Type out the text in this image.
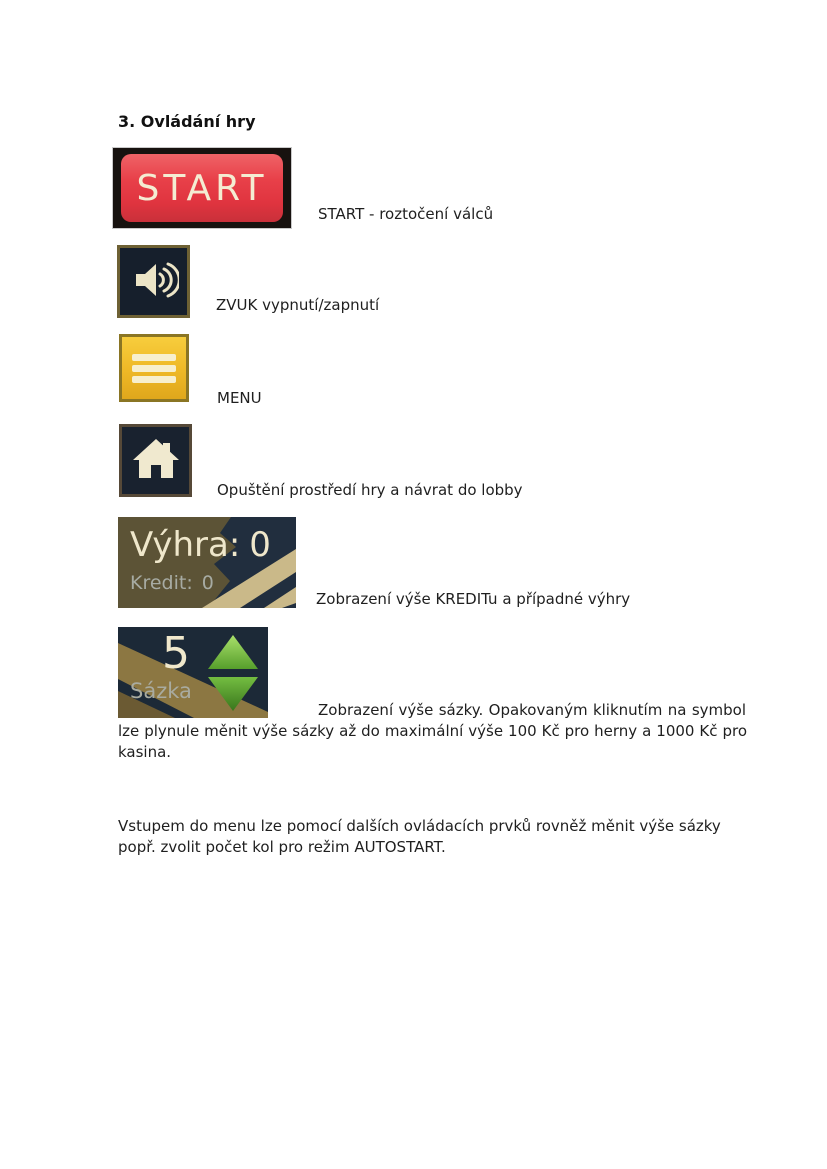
3. Ovládání hry
START
START - roztočení válců
ZVUK vypnutí/zapnutí
MENU
Opuštění prostředí hry a návrat do lobby
Výhra: 0
Kredit: 0
Zobrazení výše KREDITu a případné výhry
5
Sázka
Zobrazení výše sázky. Opakovaným kliknutím na symbol
lze plynule měnit výše sázky až do maximální výše 100 Kč pro herny a 1000 Kč pro
kasina.
Vstupem do menu lze pomocí dalších ovládacích prvků rovněž měnit výše sázky popř. zvolit počet kol pro režim AUTOSTART.
